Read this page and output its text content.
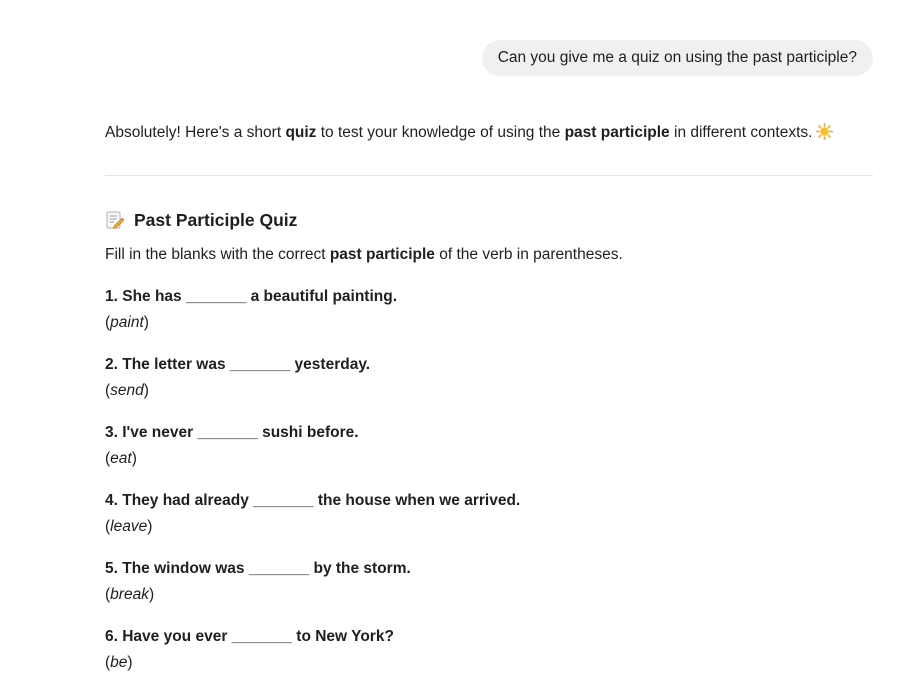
Can you give me a quiz on using the past participle?

Absolutely! Here's a short quiz to test your knowledge of using the past participle in different contexts.

Past Participle Quiz

Fill in the blanks with the correct past participle of the verb in parentheses.

1. She has _______ a beautiful painting.
(paint)
2. The letter was _______ yesterday.
(send)
3. I've never _______ sushi before.
(eat)
4. They had already _______ the house when we arrived.
(leave)
5. The window was _______ by the storm.
(break)
6. Have you ever _______ to New York?
(be)
